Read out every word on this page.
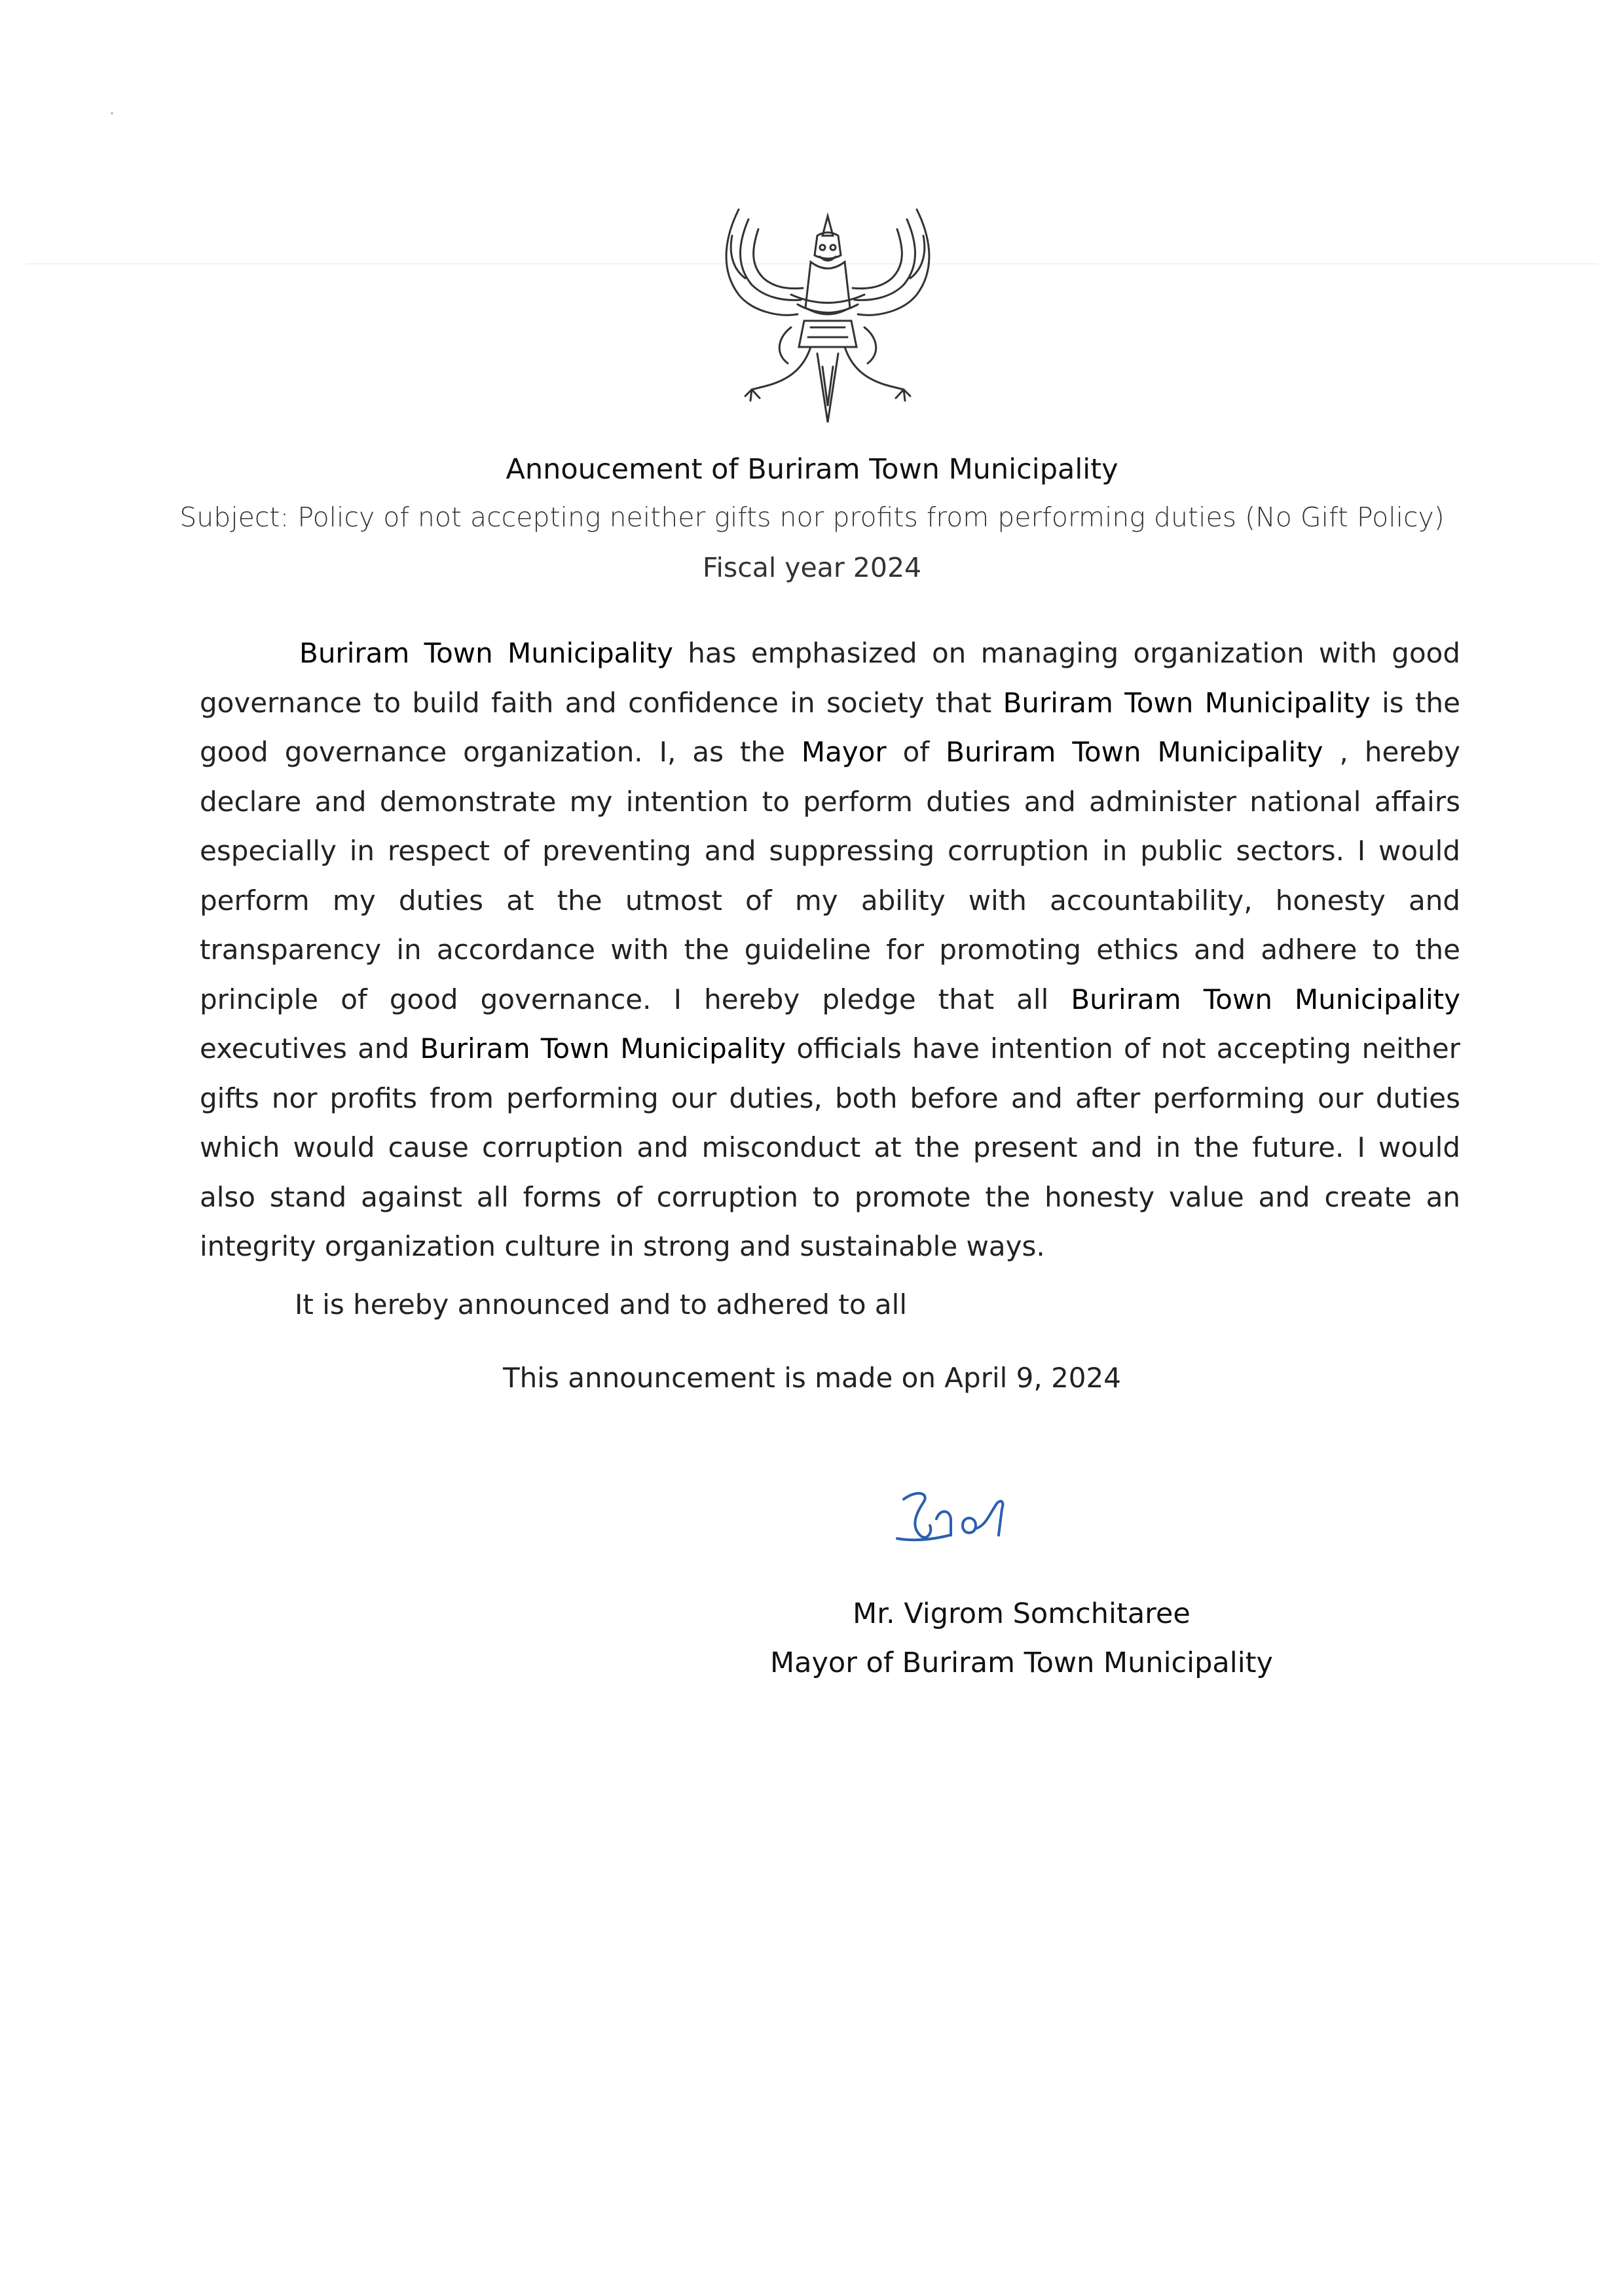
Annoucement of Buriram Town Municipality
Subject: Policy of not accepting neither gifts nor profits from performing duties (No Gift Policy)
Fiscal year 2024
Buriram Town Municipality has emphasized on managing organization with good governance to build faith and confidence in society that Buriram Town Municipality is the good governance organization. I, as the Mayor of Buriram Town Municipality , hereby declare and demonstrate my intention to perform duties and administer national affairs especially in respect of preventing and suppressing corruption in public sectors. I would perform my duties at the utmost of my ability with accountability, honesty and transparency in accordance with the guideline for promoting ethics and adhere to the principle of good governance. I hereby pledge that all Buriram Town Municipality executives and Buriram Town Municipality officials have intention of not accepting neither gifts nor profits from performing our duties, both before and after performing our duties which would cause corruption and misconduct at the present and in the future. I would also stand against all forms of corruption to promote the honesty value and create an integrity organization culture in strong and sustainable ways.
It is hereby announced and to adhered to all
This announcement is made on April 9, 2024
Mr. Vigrom Somchitaree
Mayor of Buriram Town Municipality
